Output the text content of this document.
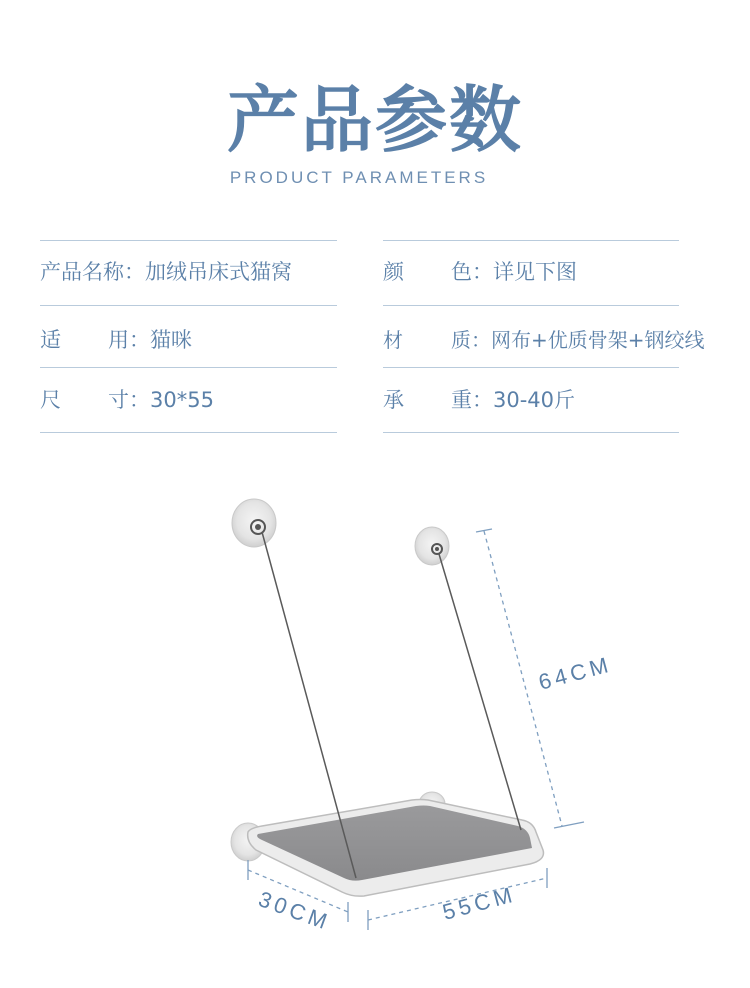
产品参数
PRODUCT PARAMETERS
产品名称：加绒吊床式猫窝
适 用：猫咪
尺 寸：30*55
颜 色：详见下图
材 质：网布+优质骨架+钢绞线
承 重：30-40斤
64CM
30CM	55CM
